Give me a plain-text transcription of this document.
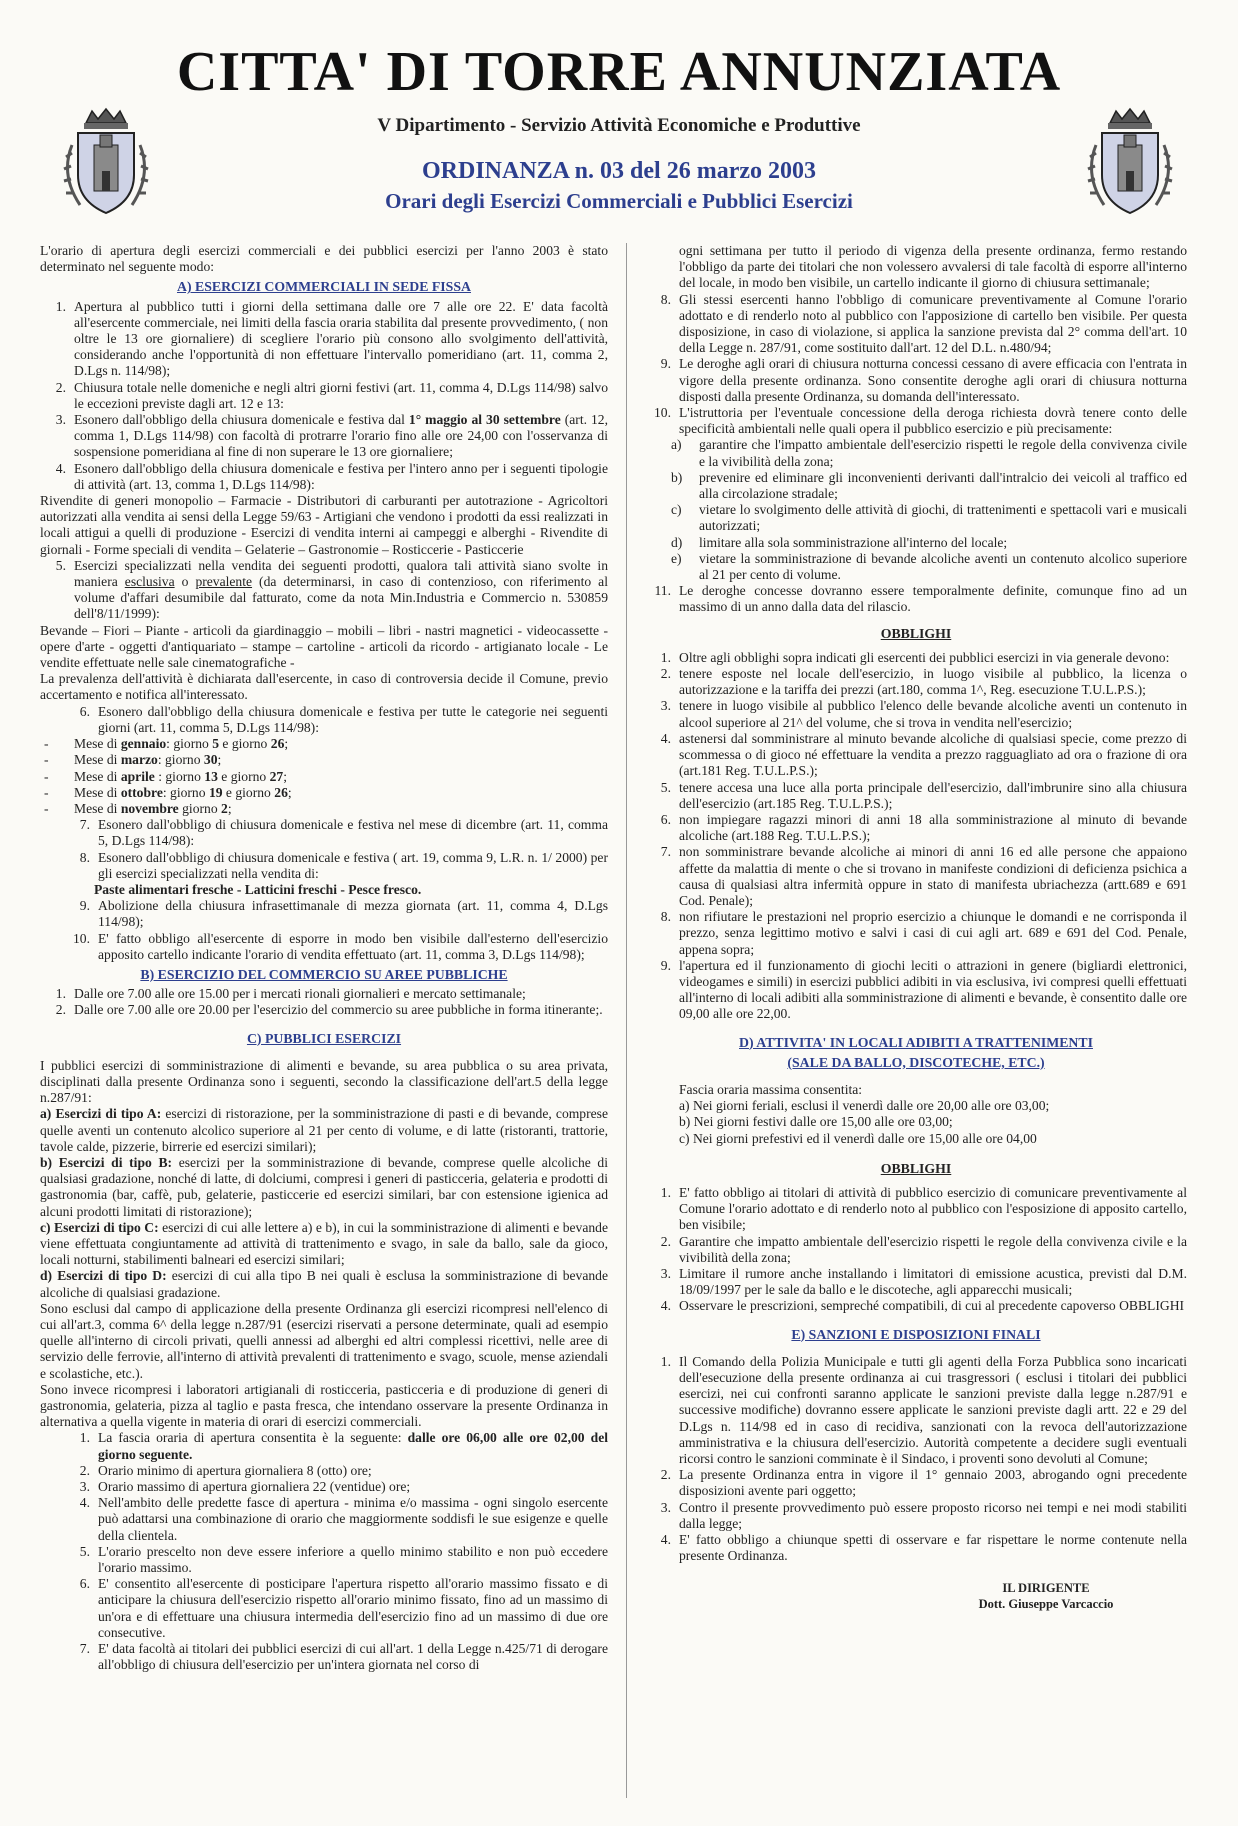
CITTA' DI TORRE ANNUNZIATA
V Dipartimento - Servizio Attività Economiche e Produttive
ORDINANZA n. 03 del 26 marzo 2003
Orari degli Esercizi Commerciali e Pubblici Esercizi

L'orario di apertura degli esercizi commerciali e dei pubblici esercizi per l'anno 2003 è stato determinato nel seguente modo:

A) ESERCIZI COMMERCIALI IN SEDE FISSA
1. Apertura al pubblico tutti i giorni della settimana dalle ore 7 alle ore 22. E' data facoltà all'esercente commerciale, nei limiti della fascia oraria stabilita dal presente provvedimento, ( non oltre le 13 ore giornaliere) di scegliere l'orario più consono allo svolgimento dell'attività, considerando anche l'opportunità di non effettuare l'intervallo pomeridiano (art. 11, comma 2, D.Lgs n. 114/98);
2. Chiusura totale nelle domeniche e negli altri giorni festivi (art. 11, comma 4, D.Lgs 114/98) salvo le eccezioni previste dagli art. 12 e 13:
3. Esonero dall'obbligo della chiusura domenicale e festiva dal 1° maggio al 30 settembre (art. 12, comma 1, D.Lgs 114/98) con facoltà di protrarre l'orario fino alle ore 24,00 con l'osservanza di sospensione pomeridiana al fine di non superare le 13 ore giornaliere;
4. Esonero dall'obbligo della chiusura domenicale e festiva per l'intero anno per i seguenti tipologie di attività (art. 13, comma 1, D.Lgs 114/98):

Rivendite di generi monopolio – Farmacie - Distributori di carburanti per autotrazione - Agricoltori autorizzati alla vendita ai sensi della Legge 59/63 - Artigiani che vendono i prodotti da essi realizzati in locali attigui a quelli di produzione - Esercizi di vendita interni ai campeggi e alberghi - Rivendite di giornali - Forme speciali di vendita – Gelaterie – Gastronomie – Rosticcerie - Pasticcerie

5. Esercizi specializzati nella vendita dei seguenti prodotti, qualora tali attività siano svolte in maniera esclusiva o prevalente (da determinarsi, in caso di contenzioso, con riferimento al volume d'affari desumibile dal fatturato, come da nota Min.Industria e Commercio n. 530859 dell'8/11/1999):

Bevande – Fiori – Piante - articoli da giardinaggio – mobili – libri - nastri magnetici - videocassette - opere d'arte - oggetti d'antiquariato – stampe – cartoline - articoli da ricordo - artigianato locale - Le vendite effettuate nelle sale cinematografiche -

La prevalenza dell'attività è dichiarata dall'esercente, in caso di controversia decide il Comune, previo accertamento e notifica all'interessato.

6. Esonero dall'obbligo della chiusura domenicale e festiva per tutte le categorie nei seguenti giorni (art. 11, comma 5, D.Lgs 114/98):
-	Mese di gennaio: giorno 5 e giorno 26;
-	Mese di marzo: giorno 30;
-	Mese di aprile : giorno 13 e giorno 27;
-	Mese di ottobre: giorno 19 e giorno 26;
-	Mese di novembre giorno 2;
7. Esonero dall'obbligo di chiusura domenicale e festiva nel mese di dicembre (art. 11, comma 5, D.Lgs 114/98):
8. Esonero dall'obbligo di chiusura domenicale e festiva ( art. 19, comma 9, L.R. n. 1/ 2000) per gli esercizi specializzati nella vendita di:

Paste alimentari fresche - Latticini freschi - Pesce fresco.

9. Abolizione della chiusura infrasettimanale di mezza giornata (art. 11, comma 4, D.Lgs 114/98);
10. E' fatto obbligo all'esercente di esporre in modo ben visibile dall'esterno dell'esercizio apposito cartello indicante l'orario di vendita effettuato (art. 11, comma 3, D.Lgs 114/98);
B) ESERCIZIO DEL COMMERCIO SU AREE PUBBLICHE
1. Dalle ore 7.00 alle ore 15.00 per i mercati rionali giornalieri e mercato settimanale;
2. Dalle ore 7.00 alle ore 20.00 per l'esercizio del commercio su aree pubbliche in forma itinerante;.
C) PUBBLICI ESERCIZI

I pubblici esercizi di somministrazione di alimenti e bevande, su area pubblica o su area privata, disciplinati dalla presente Ordinanza sono i seguenti, secondo la classificazione dell'art.5 della legge n.287/91:

a) Esercizi di tipo A: esercizi di ristorazione, per la somministrazione di pasti e di bevande, comprese quelle aventi un contenuto alcolico superiore al 21 per cento di volume, e di latte (ristoranti, trattorie, tavole calde, pizzerie, birrerie ed esercizi similari);

b) Esercizi di tipo B: esercizi per la somministrazione di bevande, comprese quelle alcoliche di qualsiasi gradazione, nonché di latte, di dolciumi, compresi i generi di pasticceria, gelateria e prodotti di gastronomia (bar, caffè, pub, gelaterie, pasticcerie ed esercizi similari, bar con estensione igienica ad alcuni prodotti limitati di ristorazione);

c) Esercizi di tipo C: esercizi di cui alle lettere a) e b), in cui la somministrazione di alimenti e bevande viene effettuata congiuntamente ad attività di trattenimento e svago, in sale da ballo, sale da gioco, locali notturni, stabilimenti balneari ed esercizi similari;

d) Esercizi di tipo D: esercizi di cui alla tipo B nei quali è esclusa la somministrazione di bevande alcoliche di qualsiasi gradazione.

Sono esclusi dal campo di applicazione della presente Ordinanza gli esercizi ricompresi nell'elenco di cui all'art.3, comma 6^ della legge n.287/91 (esercizi riservati a persone determinate, quali ad esempio quelle all'interno di circoli privati, quelli annessi ad alberghi ed altri complessi ricettivi, nelle aree di servizio delle ferrovie, all'interno di attività prevalenti di trattenimento e svago, scuole, mense aziendali e scolastiche, etc.).

Sono invece ricompresi i laboratori artigianali di rosticceria, pasticceria e di produzione di generi di gastronomia, gelateria, pizza al taglio e pasta fresca, che intendano osservare la presente Ordinanza in alternativa a quella vigente in materia di orari di esercizi commerciali.

1. La fascia oraria di apertura consentita è la seguente: dalle ore 06,00 alle ore 02,00 del giorno seguente.
2. Orario minimo di apertura giornaliera 8 (otto) ore;
3. Orario massimo di apertura giornaliera 22 (ventidue) ore;
4. Nell'ambito delle predette fasce di apertura - minima e/o massima - ogni singolo esercente può adattarsi una combinazione di orario che maggiormente soddisfi le sue esigenze e quelle della clientela.
5. L'orario prescelto non deve essere inferiore a quello minimo stabilito e non può eccedere l'orario massimo.
6. E' consentito all'esercente di posticipare l'apertura rispetto all'orario massimo fissato e di anticipare la chiusura dell'esercizio rispetto all'orario minimo fissato, fino ad un massimo di un'ora e di effettuare una chiusura intermedia dell'esercizio fino ad un massimo di due ore consecutive.
7. E' data facoltà ai titolari dei pubblici esercizi di cui all'art. 1 della Legge n.425/71 di derogare all'obbligo di chiusura dell'esercizio per un'intera giornata nel corso di

ogni settimana per tutto il periodo di vigenza della presente ordinanza, fermo restando l'obbligo da parte dei titolari che non volessero avvalersi di tale facoltà di esporre all'interno del locale, in modo ben visibile, un cartello indicante il giorno di chiusura settimanale;

8. Gli stessi esercenti hanno l'obbligo di comunicare preventivamente al Comune l'orario adottato e di renderlo noto al pubblico con l'apposizione di cartello ben visibile. Per questa disposizione, in caso di violazione, si applica la sanzione prevista dal 2° comma dell'art. 10 della Legge n. 287/91, come sostituito dall'art. 12 del D.L. n.480/94;
9. Le deroghe agli orari di chiusura notturna concessi cessano di avere efficacia con l'entrata in vigore della presente ordinanza. Sono consentite deroghe agli orari di chiusura notturna disposti dalla presente Ordinanza, su domanda dell'interessato.
10. L'istruttoria per l'eventuale concessione della deroga richiesta dovrà tenere conto delle specificità ambientali nelle quali opera il pubblico esercizio e più precisamente:
a)	garantire che l'impatto ambientale dell'esercizio rispetti le regole della convivenza civile e la vivibilità della zona;
b)	prevenire ed eliminare gli inconvenienti derivanti dall'intralcio dei veicoli al traffico ed alla circolazione stradale;
c)	vietare lo svolgimento delle attività di giochi, di trattenimenti e spettacoli vari e musicali autorizzati;
d)	limitare alla sola somministrazione all'interno del locale;
e)	vietare la somministrazione di bevande alcoliche aventi un contenuto alcolico superiore al 21 per cento di volume.
11. Le deroghe concesse dovranno essere temporalmente definite, comunque fino ad un massimo di un anno dalla data del rilascio.
OBBLIGHI
1. Oltre agli obblighi sopra indicati gli esercenti dei pubblici esercizi in via generale devono:
2. tenere esposte nel locale dell'esercizio, in luogo visibile al pubblico, la licenza o autorizzazione e la tariffa dei prezzi (art.180, comma 1^, Reg. esecuzione T.U.L.P.S.);
3. tenere in luogo visibile al pubblico l'elenco delle bevande alcoliche aventi un contenuto in alcool superiore al 21^ del volume, che si trova in vendita nell'esercizio;
4. astenersi dal somministrare al minuto bevande alcoliche di qualsiasi specie, come prezzo di scommessa o di gioco né effettuare la vendita a prezzo ragguagliato ad ora o frazione di ora (art.181 Reg. T.U.L.P.S.);
5. tenere accesa una luce alla porta principale dell'esercizio, dall'imbrunire sino alla chiusura dell'esercizio (art.185 Reg. T.U.L.P.S.);
6. non impiegare ragazzi minori di anni 18 alla somministrazione al minuto di bevande alcoliche (art.188 Reg. T.U.L.P.S.);
7. non somministrare bevande alcoliche ai minori di anni 16 ed alle persone che appaiono affette da malattia di mente o che si trovano in manifeste condizioni di deficienza psichica a causa di qualsiasi altra infermità oppure in stato di manifesta ubriachezza (artt.689 e 691 Cod. Penale);
8. non rifiutare le prestazioni nel proprio esercizio a chiunque le domandi e ne corrisponda il prezzo, senza legittimo motivo e salvi i casi di cui agli art. 689 e 691 del Cod. Penale, appena sopra;
9. l'apertura ed il funzionamento di giochi leciti o attrazioni in genere (bigliardi elettronici, videogames e simili) in esercizi pubblici adibiti in via esclusiva, ivi compresi quelli effettuati all'interno di locali adibiti alla somministrazione di alimenti e bevande, è consentito dalle ore 09,00 alle ore 22,00.
D) ATTIVITA' IN LOCALI ADIBITI A TRATTENIMENTI
(SALE DA BALLO, DISCOTECHE, ETC.)

Fascia oraria massima consentita:

a) Nei giorni feriali, esclusi il venerdì dalle ore 20,00 alle ore 03,00;

b) Nei giorni festivi dalle ore 15,00 alle ore 03,00;

c) Nei giorni prefestivi ed il venerdì dalle ore 15,00 alle ore 04,00

OBBLIGHI
1. E' fatto obbligo ai titolari di attività di pubblico esercizio di comunicare preventivamente al Comune l'orario adottato e di renderlo noto al pubblico con l'esposizione di apposito cartello, ben visibile;
2. Garantire che impatto ambientale dell'esercizio rispetti le regole della convivenza civile e la vivibilità della zona;
3. Limitare il rumore anche installando i limitatori di emissione acustica, previsti dal D.M. 18/09/1997 per le sale da ballo e le discoteche, agli apparecchi musicali;
4. Osservare le prescrizioni, sempreché compatibili, di cui al precedente capoverso OBBLIGHI
E) SANZIONI E DISPOSIZIONI FINALI
1. Il Comando della Polizia Municipale e tutti gli agenti della Forza Pubblica sono incaricati dell'esecuzione della presente ordinanza ai cui trasgressori ( esclusi i titolari dei pubblici esercizi, nei cui confronti saranno applicate le sanzioni previste dalla legge n.287/91 e successive modifiche) dovranno essere applicate le sanzioni previste dagli artt. 22 e 29 del D.Lgs n. 114/98 ed in caso di recidiva, sanzionati con la revoca dell'autorizzazione amministrativa e la chiusura dell'esercizio. Autorità competente a decidere sugli eventuali ricorsi contro le sanzioni comminate è il Sindaco, i proventi sono devoluti al Comune;
2. La presente Ordinanza entra in vigore il 1° gennaio 2003, abrogando ogni precedente disposizioni avente pari oggetto;
3. Contro il presente provvedimento può essere proposto ricorso nei tempi e nei modi stabiliti dalla legge;
4. E' fatto obbligo a chiunque spetti di osservare e far rispettare le norme contenute nella presente Ordinanza.
IL DIRIGENTE
Dott. Giuseppe Varcaccio
